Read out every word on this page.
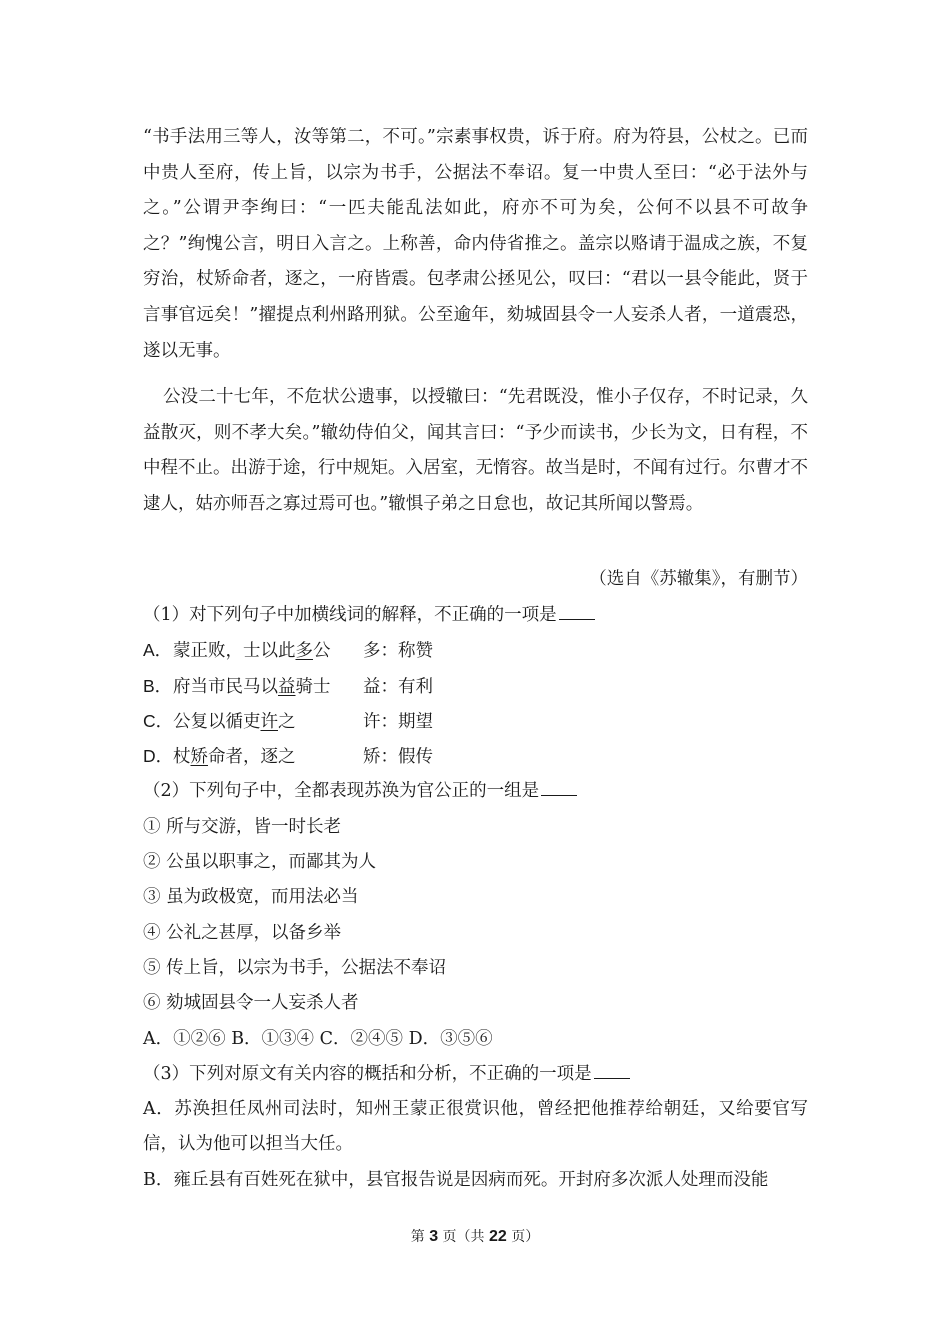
“书手法用三等人，汝等第二，不可。”宗素事权贵，诉于府。府为符县，公杖之。已而中贵人至府，传上旨，以宗为书手，公据法不奉诏。复一中贵人至曰：“必于法外与之。”公谓尹李绚曰：“一匹夫能乱法如此，府亦不可为矣，公何不以县不可故争之？”绚愧公言，明日入言之。上称善，命内侍省推之。盖宗以赂请于温成之族，不复穷治，杖矫命者，逐之，一府皆震。包孝肃公拯见公，叹曰：“君以一县令能此，贤于言事官远矣！”擢提点利州路刑狱。公至逾年，劾城固县令一人妄杀人者，一道震恐，遂以无事。

公没二十七年，不危状公遗事，以授辙曰：“先君既没，惟小子仅存，不时记录，久益散灭，则不孝大矣。”辙幼侍伯父，闻其言曰：“予少而读书，少长为文，日有程，不中程不止。出游于途，行中规矩。入居室，无惰容。故当是时，不闻有过行。尔曹才不逮人，姑亦师吾之寡过焉可也。”辙惧子弟之日怠也，故记其所闻以警焉。

（选自《苏辙集》，有删节）
（1）对下列句子中加横线词的解释，不正确的一项是
A．蒙正败，士以此多公 多：称赞
B．府当市民马以益骑士 益：有利
C．公复以循吏许之	许：期望
D．杖矫命者，逐之	矫：假传
（2）下列句子中，全都表现苏涣为官公正的一组是
① 所与交游，皆一时长老
② 公虽以职事之，而鄙其为人
③ 虽为政极宽，而用法必当
④ 公礼之甚厚，以备乡举
⑤ 传上旨，以宗为书手，公据法不奉诏
⑥ 劾城固县令一人妄杀人者
A．①②⑥ B．①③④ C．②④⑤ D．③⑤⑥
（3）下列对原文有关内容的概括和分析，不正确的一项是
A．苏涣担任凤州司法时，知州王蒙正很赏识他，曾经把他推荐给朝廷，又给要官写信，认为他可以担当大任。
B．雍丘县有百姓死在狱中，县官报告说是因病而死。开封府多次派人处理而没能
第 3 页（共 22 页）
